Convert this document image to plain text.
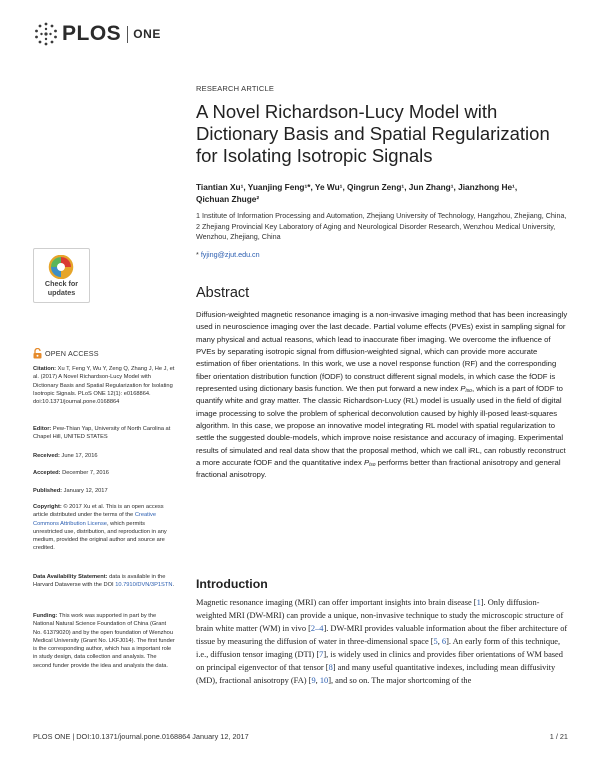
PLOS ONE
RESEARCH ARTICLE
A Novel Richardson-Lucy Model with Dictionary Basis and Spatial Regularization for Isolating Isotropic Signals
Tiantian Xu¹, Yuanjing Feng¹*, Ye Wu¹, Qingrun Zeng¹, Jun Zhang¹, Jianzhong He¹,
Qichuan Zhuge²
1 Institute of Information Processing and Automation, Zhejiang University of Technology, Hangzhou, Zhejiang, China, 2 Zhejiang Provincial Key Laboratory of Aging and Neurological Disorder Research, Wenzhou Medical University, Wenzhou, Zhejiang, China
* fyjing@zjut.edu.cn
Check for
updates
OPEN ACCESS
Citation: Xu T, Feng Y, Wu Y, Zeng Q, Zhang J, He J, et al. (2017) A Novel Richardson-Lucy Model with Dictionary Basis and Spatial Regularization for Isolating Isotropic Signals. PLoS ONE 12(1): e0168864. doi:10.1371/journal.pone.0168864
Editor: Pew-Thian Yap, University of North Carolina at Chapel Hill, UNITED STATES
Received: June 17, 2016
Accepted: December 7, 2016
Published: January 12, 2017
Copyright: © 2017 Xu et al. This is an open access article distributed under the terms of the Creative Commons Attribution License, which permits unrestricted use, distribution, and reproduction in any medium, provided the original author and source are credited.
Data Availability Statement: data is available in the Harvard Dataverse with the DOI 10.7910/DVN/3P1STN.
Funding: This work was supported in part by the National Natural Science Foundation of China (Grant No. 61379020) and by the open foundation of Wenzhou Medical University (Grant No. LKFJ014). The first funder is the corresponding author, which has a important role in study design, data collection and analysis. The second funder provide the idea and analysis the data.
Abstract

Diffusion-weighted magnetic resonance imaging is a non-invasive imaging method that has been increasingly used in neuroscience imaging over the last decade. Partial volume effects (PVEs) exist in sampling signal for many physical and actual reasons, which lead to inaccurate fiber imaging. We overcome the influence of PVEs by separating isotropic signal from diffusion-weighted signal, which can provide more accurate estimation of fiber orientations. In this work, we use a novel response function (RF) and the corresponding fiber orientation distribution function (fODF) to construct different signal models, in which case the fODF is represented using dictionary basis function. We then put forward a new index $P_{iso}$, which is a part of fODF to quantify white and gray matter. The classic Richardson-Lucy (RL) model is usually used in the field of digital image processing to solve the problem of spherical deconvolution caused by highly ill-posed least-squares algorithm. In this case, we propose an innovative model integrating RL model with spatial regularization to settle the suggested double-models, which improve noise resistance and accuracy of imaging. Experimental results of simulated and real data show that the proposal method, which we call iRL, can robustly reconstruct a more accurate fODF and the quantitative index $P_{iso}$ performs better than fractional anisotropy and general fractional anisotropy.

Introduction

Magnetic resonance imaging (MRI) can offer important insights into brain disease [1]. Only diffusion-weighted MRI (DW-MRI) can provide a unique, non-invasive technique to study the microscopic structure of brain white matter (WM) in vivo [2–4]. DW-MRI provides valuable information about the fiber architecture of tissue by measuring the diffusion of water in three-dimensional space [5, 6]. An early form of this technique, i.e., diffusion tensor imaging (DTI) [7], is widely used in clinics and provides fiber orientations of WM based on principal eigenvector of that tensor [8] and many useful quantitative indexes, including mean diffusivity (MD), fractional anisotropy (FA) [9, 10], and so on. The major shortcoming of the

PLOS ONE | DOI:10.1371/journal.pone.0168864 January 12, 2017	1 / 21
